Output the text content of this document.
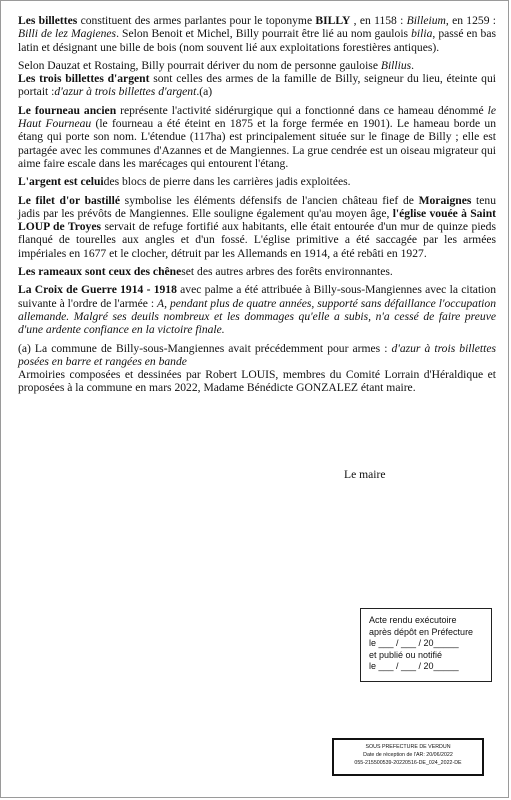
Les billettes constituent des armes parlantes pour le toponyme BILLY , en 1158 : Billeium, en 1259 : Billi de lez Magienes. Selon Benoit et Michel, Billy pourrait être lié au nom gaulois bilia, passé en bas latin et désignant une bille de bois (nom souvent lié aux exploitations forestières antiques).

Selon Dauzat et Rostaing, Billy pourrait dériver du nom de personne gauloise Billius.

Les trois billettes d'argent sont celles des armes de la famille de Billy, seigneur du lieu, éteinte qui portait :d'azur à trois billettes d'argent.(a)

Le fourneau ancien représente l'activité sidérurgique qui a fonctionné dans ce hameau dénommé le Haut Fourneau (le fourneau a été éteint en 1875 et la forge fermée en 1901). Le hameau borde un étang qui porte son nom. L'étendue (117ha) est principalement située sur le finage de Billy ; elle est partagée avec les communes d'Azannes et de Mangiennes. La grue cendrée est un oiseau migrateur qui aime faire escale dans les marécages qui entourent l'étang.

L'argent est celuides blocs de pierre dans les carrières jadis exploitées.

Le filet d'or bastillé symbolise les éléments défensifs de l'ancien château fief de Moraignes tenu jadis par les prévôts de Mangiennes. Elle souligne également qu'au moyen âge, l'église vouée à Saint LOUP de Troyes servait de refuge fortifié aux habitants, elle était entourée d'un mur de quinze pieds flanqué de tourelles aux angles et d'un fossé. L'église primitive a été saccagée par les armées impériales en 1677 et le clocher, détruit par les Allemands en 1914, a été rebâti en 1927.

Les rameaux sont ceux des chêneset des autres arbres des forêts environnantes.

La Croix de Guerre 1914 - 1918 avec palme a été attribuée à Billy-sous-Mangiennes avec la citation suivante à l'ordre de l'armée : A, pendant plus de quatre années, supporté sans défaillance l'occupation allemande. Malgré ses deuils nombreux et les dommages qu'elle a subis, n'a cessé de faire preuve d'une ardente confiance en la victoire finale.

(a) La commune de Billy-sous-Mangiennes avait précédemment pour armes : d'azur à trois billettes posées en barre et rangées en bande

Armoiries composées et dessinées par Robert LOUIS, membres du Comité Lorrain d'Héraldique et proposées à la commune en mars 2022, Madame Bénédicte GONZALEZ étant maire.

Le maire
Acte rendu exécutoire
après dépôt en Préfecture
le ___ / ___ / 20_____
et publié ou notifié
le ___ / ___ / 20_____
SOUS PREFECTURE DE VERDUN
Date de réception de l'AR: 20/06/2022
055-215500539-20220516-DE_024_2022-DE
